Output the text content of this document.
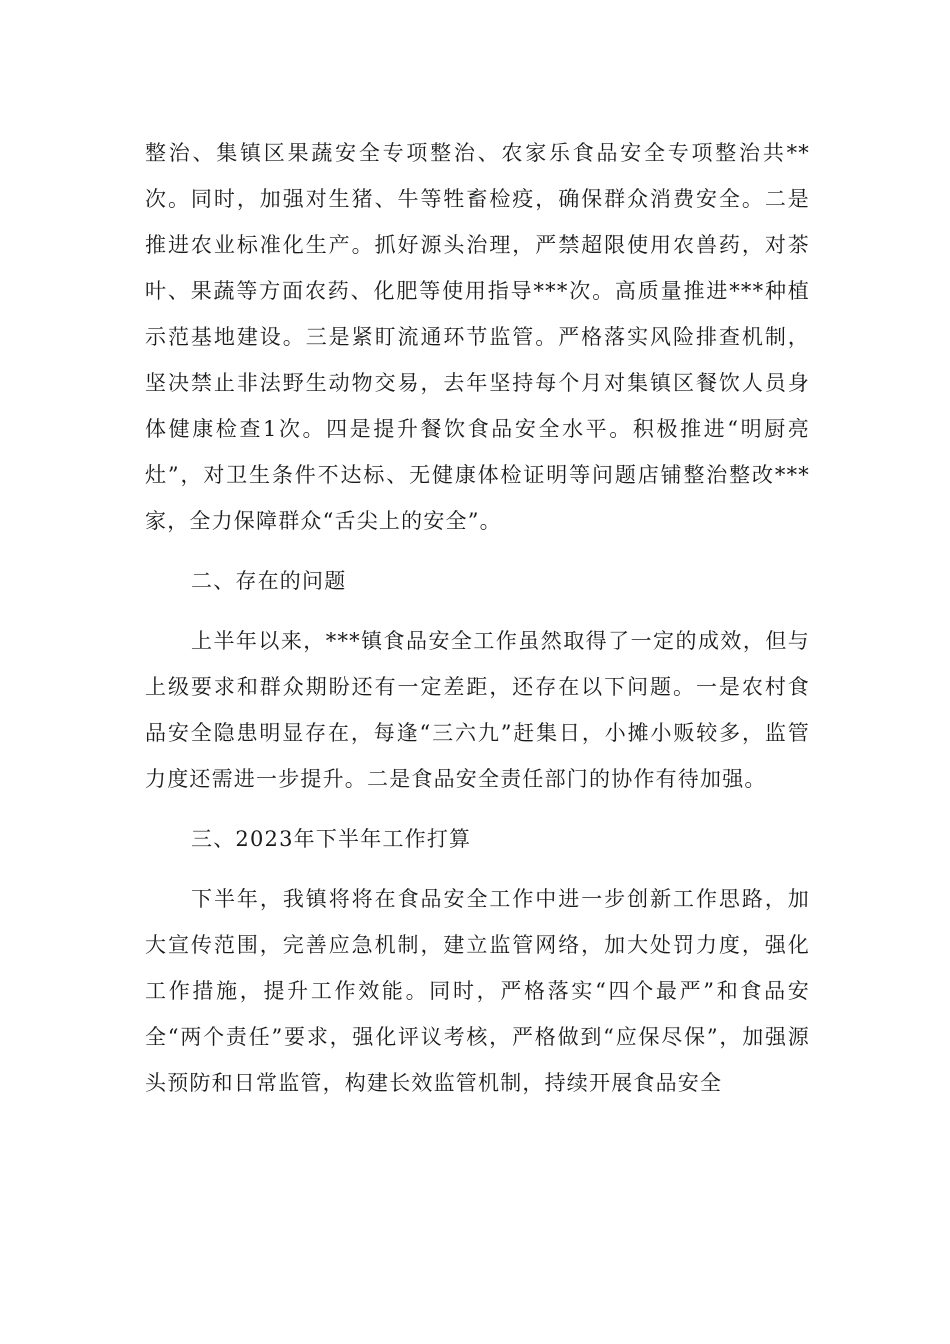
整治、集镇区果蔬安全专项整治、农家乐食品安全专项整治共**次。同时，加强对生猪、牛等牲畜检疫，确保群众消费安全。二是推进农业标准化生产。抓好源头治理，严禁超限使用农兽药，对茶叶、果蔬等方面农药、化肥等使用指导***次。高质量推进***种植示范基地建设。三是紧盯流通环节监管。严格落实风险排查机制，坚决禁止非法野生动物交易，去年坚持每个月对集镇区餐饮人员身体健康检查1次。四是提升餐饮食品安全水平。积极推进“明厨亮灶”，对卫生条件不达标、无健康体检证明等问题店铺整治整改***家，全力保障群众“舌尖上的安全”。

二、存在的问题

上半年以来，***镇食品安全工作虽然取得了一定的成效，但与上级要求和群众期盼还有一定差距，还存在以下问题。一是农村食品安全隐患明显存在，每逢“三六九”赶集日，小摊小贩较多，监管力度还需进一步提升。二是食品安全责任部门的协作有待加强。

三、2023年下半年工作打算

下半年，我镇将将在食品安全工作中进一步创新工作思路，加大宣传范围，完善应急机制，建立监管网络，加大处罚力度，强化工作措施，提升工作效能。同时，严格落实“四个最严”和食品安全“两个责任”要求，强化评议考核，严格做到“应保尽保”，加强源头预防和日常监管，构建长效监管机制，持续开展食品安全
